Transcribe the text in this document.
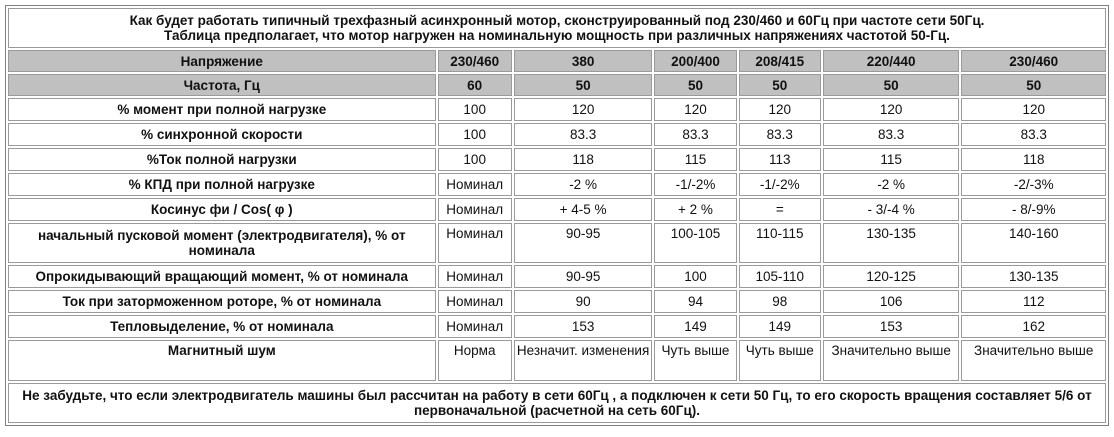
Как будет работать типичный трехфазный асинхронный мотор, сконструированный под 230/460 и 60Гц при частоте сети 50Гц.
Таблица предполагает, что мотор нагружен на номинальную мощность при различных напряжениях частотой 50-Гц.						

Напряжение	230/460	380	200/400	208/415	220/440	230/460
Частота, Гц	60	50	50	50	50	50
% момент при полной нагрузке	100	120	120	120	120	120
% синхронной скорости	100	83.3	83.3	83.3	83.3	83.3
%Ток полной нагрузки	100	118	115	113	115	118
% КПД при полной нагрузке	Номинал	-2 %	-1/-2%	-1/-2%	-2 %	-2/-3%
Косинус фи / Cos( φ )	Номинал	+ 4-5 %	+ 2 %	=	- 3/-4 %	- 8/-9%
начальный пусковой момент (электродвигателя), % от номинала	Номинал	90-95	100-105	110-115	130-135	140-160
Опрокидывающий вращающий момент, % от номинала	Номинал	90-95	100	105-110	120-125	130-135
Ток при заторможенном роторе, % от номинала	Номинал	90	94	98	106	112
Тепловыделение, % от номинала	Номинал	153	149	149	153	162
Магнитный шум	Норма	Незначит. изменения	Чуть выше	Чуть выше	Значительно выше	Значительно выше
Не забудьте, что если электродвигатель машины был рассчитан на работу в сети 60Гц , а подключен к сети 50 Гц, то его скорость вращения составляет 5/6 от первоначальной (расчетной на сеть 60Гц).						
